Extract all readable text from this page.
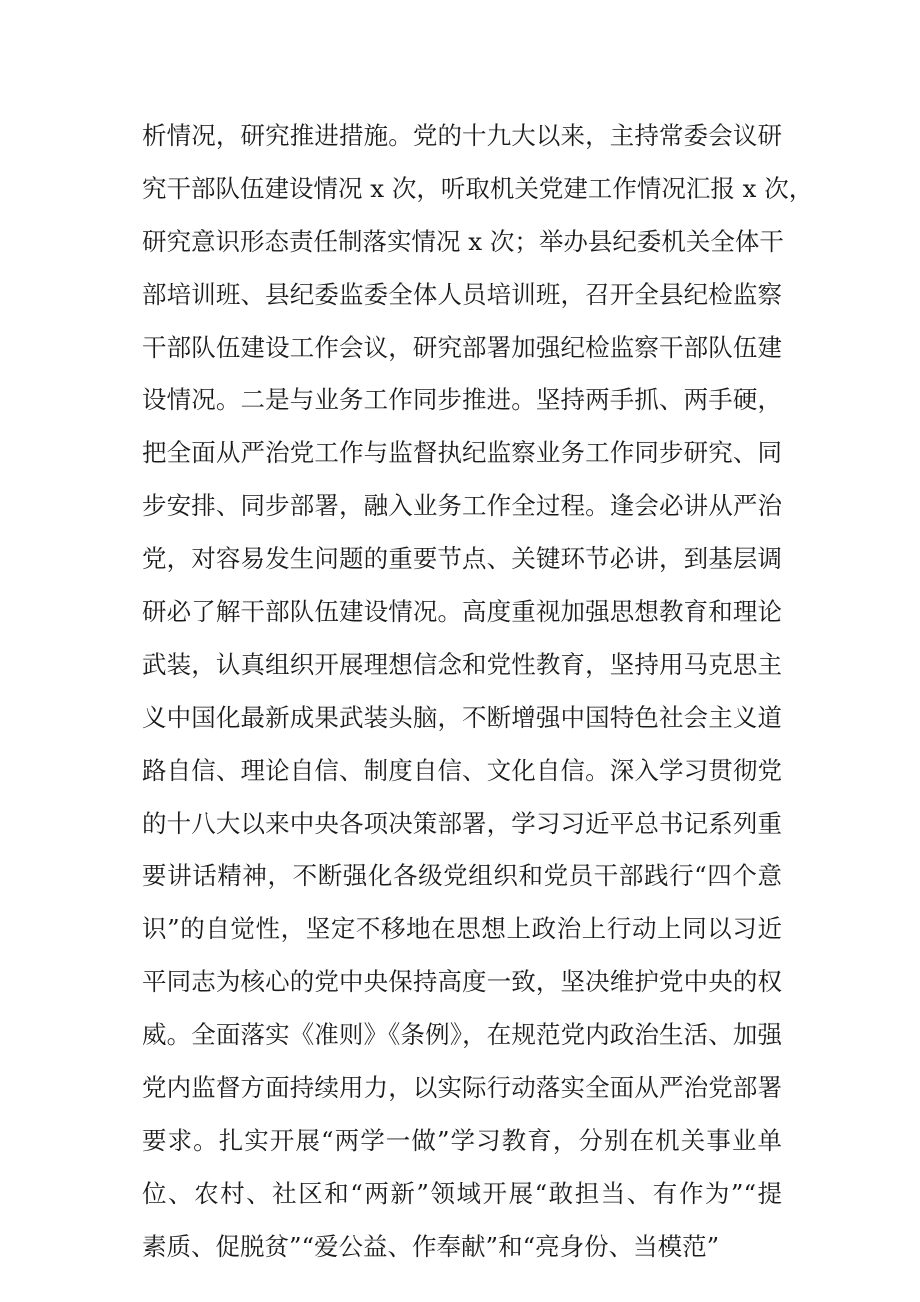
析情况，研究推进措施。党的十九大以来，主持常委会议研
究干部队伍建设情况 x 次，听取机关党建工作情况汇报 x 次，
研究意识形态责任制落实情况 x 次；举办县纪委机关全体干
部培训班、县纪委监委全体人员培训班，召开全县纪检监察
干部队伍建设工作会议，研究部署加强纪检监察干部队伍建
设情况。二是与业务工作同步推进。坚持两手抓、两手硬，
把全面从严治党工作与监督执纪监察业务工作同步研究、同
步安排、同步部署，融入业务工作全过程。逢会必讲从严治
党，对容易发生问题的重要节点、关键环节必讲，到基层调
研必了解干部队伍建设情况。高度重视加强思想教育和理论
武装，认真组织开展理想信念和党性教育，坚持用马克思主
义中国化最新成果武装头脑，不断增强中国特色社会主义道
路自信、理论自信、制度自信、文化自信。深入学习贯彻党
的十八大以来中央各项决策部署，学习习近平总书记系列重
要讲话精神，不断强化各级党组织和党员干部践行“四个意
识”的自觉性，坚定不移地在思想上政治上行动上同以习近
平同志为核心的党中央保持高度一致，坚决维护党中央的权
威。全面落实《准则》《条例》，在规范党内政治生活、加强
党内监督方面持续用力，以实际行动落实全面从严治党部署
要求。扎实开展“两学一做”学习教育，分别在机关事业单
位、农村、社区和“两新”领域开展“敢担当、有作为”“提
素质、促脱贫”“爱公益、作奉献”和“亮身份、当模范”
